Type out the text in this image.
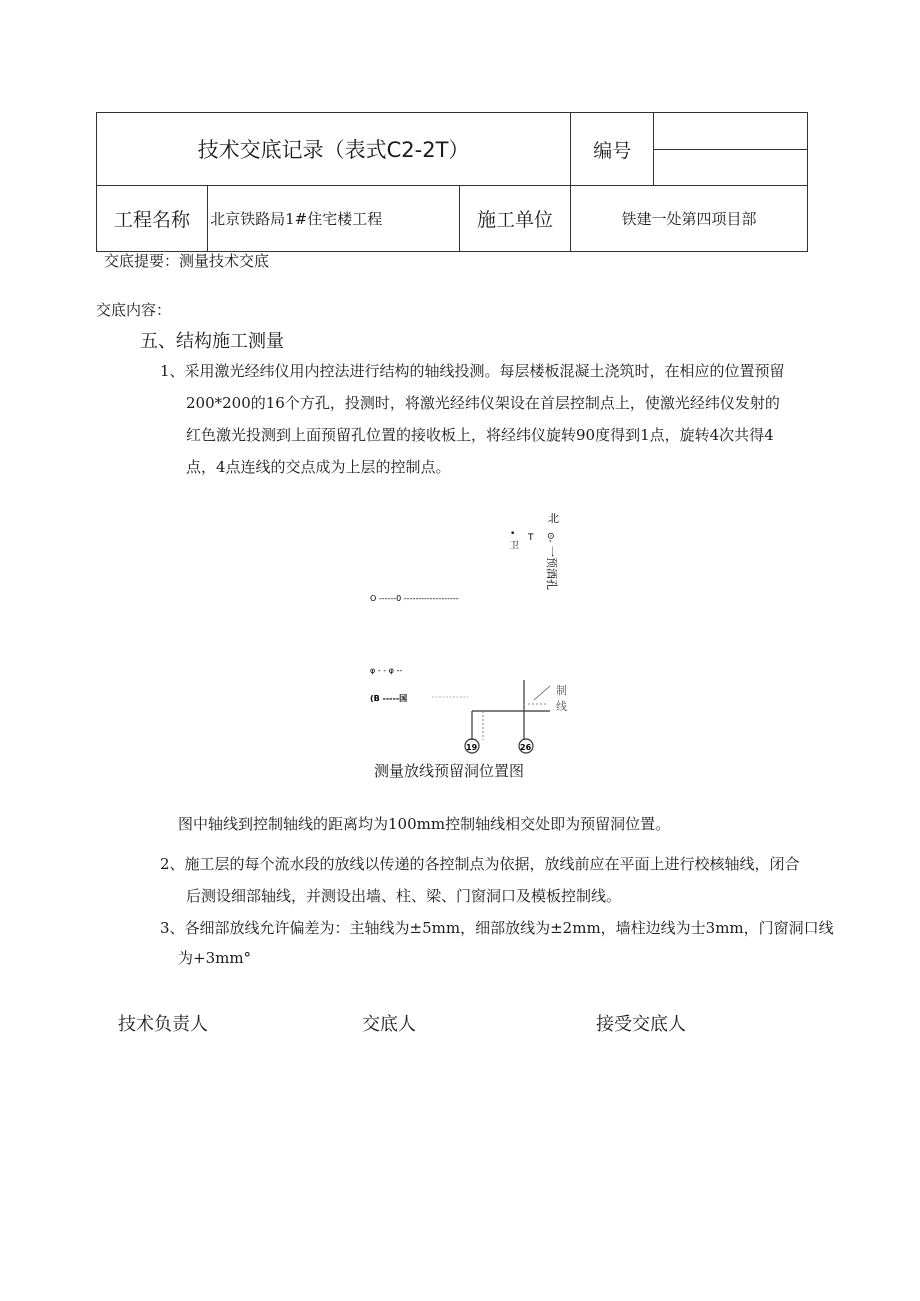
技术交底记录（表式C2-2T）			编号	

工程名称	北京铁路局1#住宅楼工程	施工单位	铁建一处第四项目部	
交底提要：测量技术交底
交底内容：
五、结构施工测量
1、采用激光经纬仪用内控法进行结构的轴线投测。每层楼板混凝土浇筑时，在相应的位置预留
200*200的16个方孔，投测时，将激光经纬仪架设在首层控制点上，使激光经纬仪发射的
红色激光投测到上面预留孔位置的接收板上，将经纬仪旋转90度得到1点，旋转4次共得4
点，4点连线的交点成为上层的控制点。
北
⊙-
一预酒孔
T
•
卫
O ------0 -------------------
φ - - φ --
(B -----国
制
线
19	26
测量放线预留洞位置图
图中轴线到控制轴线的距离均为100mm控制轴线相交处即为预留洞位置。
2、施工层的每个流水段的放线以传递的各控制点为依据，放线前应在平面上进行校核轴线，闭合
后测设细部轴线，并测设出墙、柱、梁、门窗洞口及模板控制线。
3、各细部放线允许偏差为：主轴线为±5mm，细部放线为±2mm，墙柱边线为士3mm，门窗洞口线
为+3mm°
技术负责人	交底人	接受交底人
